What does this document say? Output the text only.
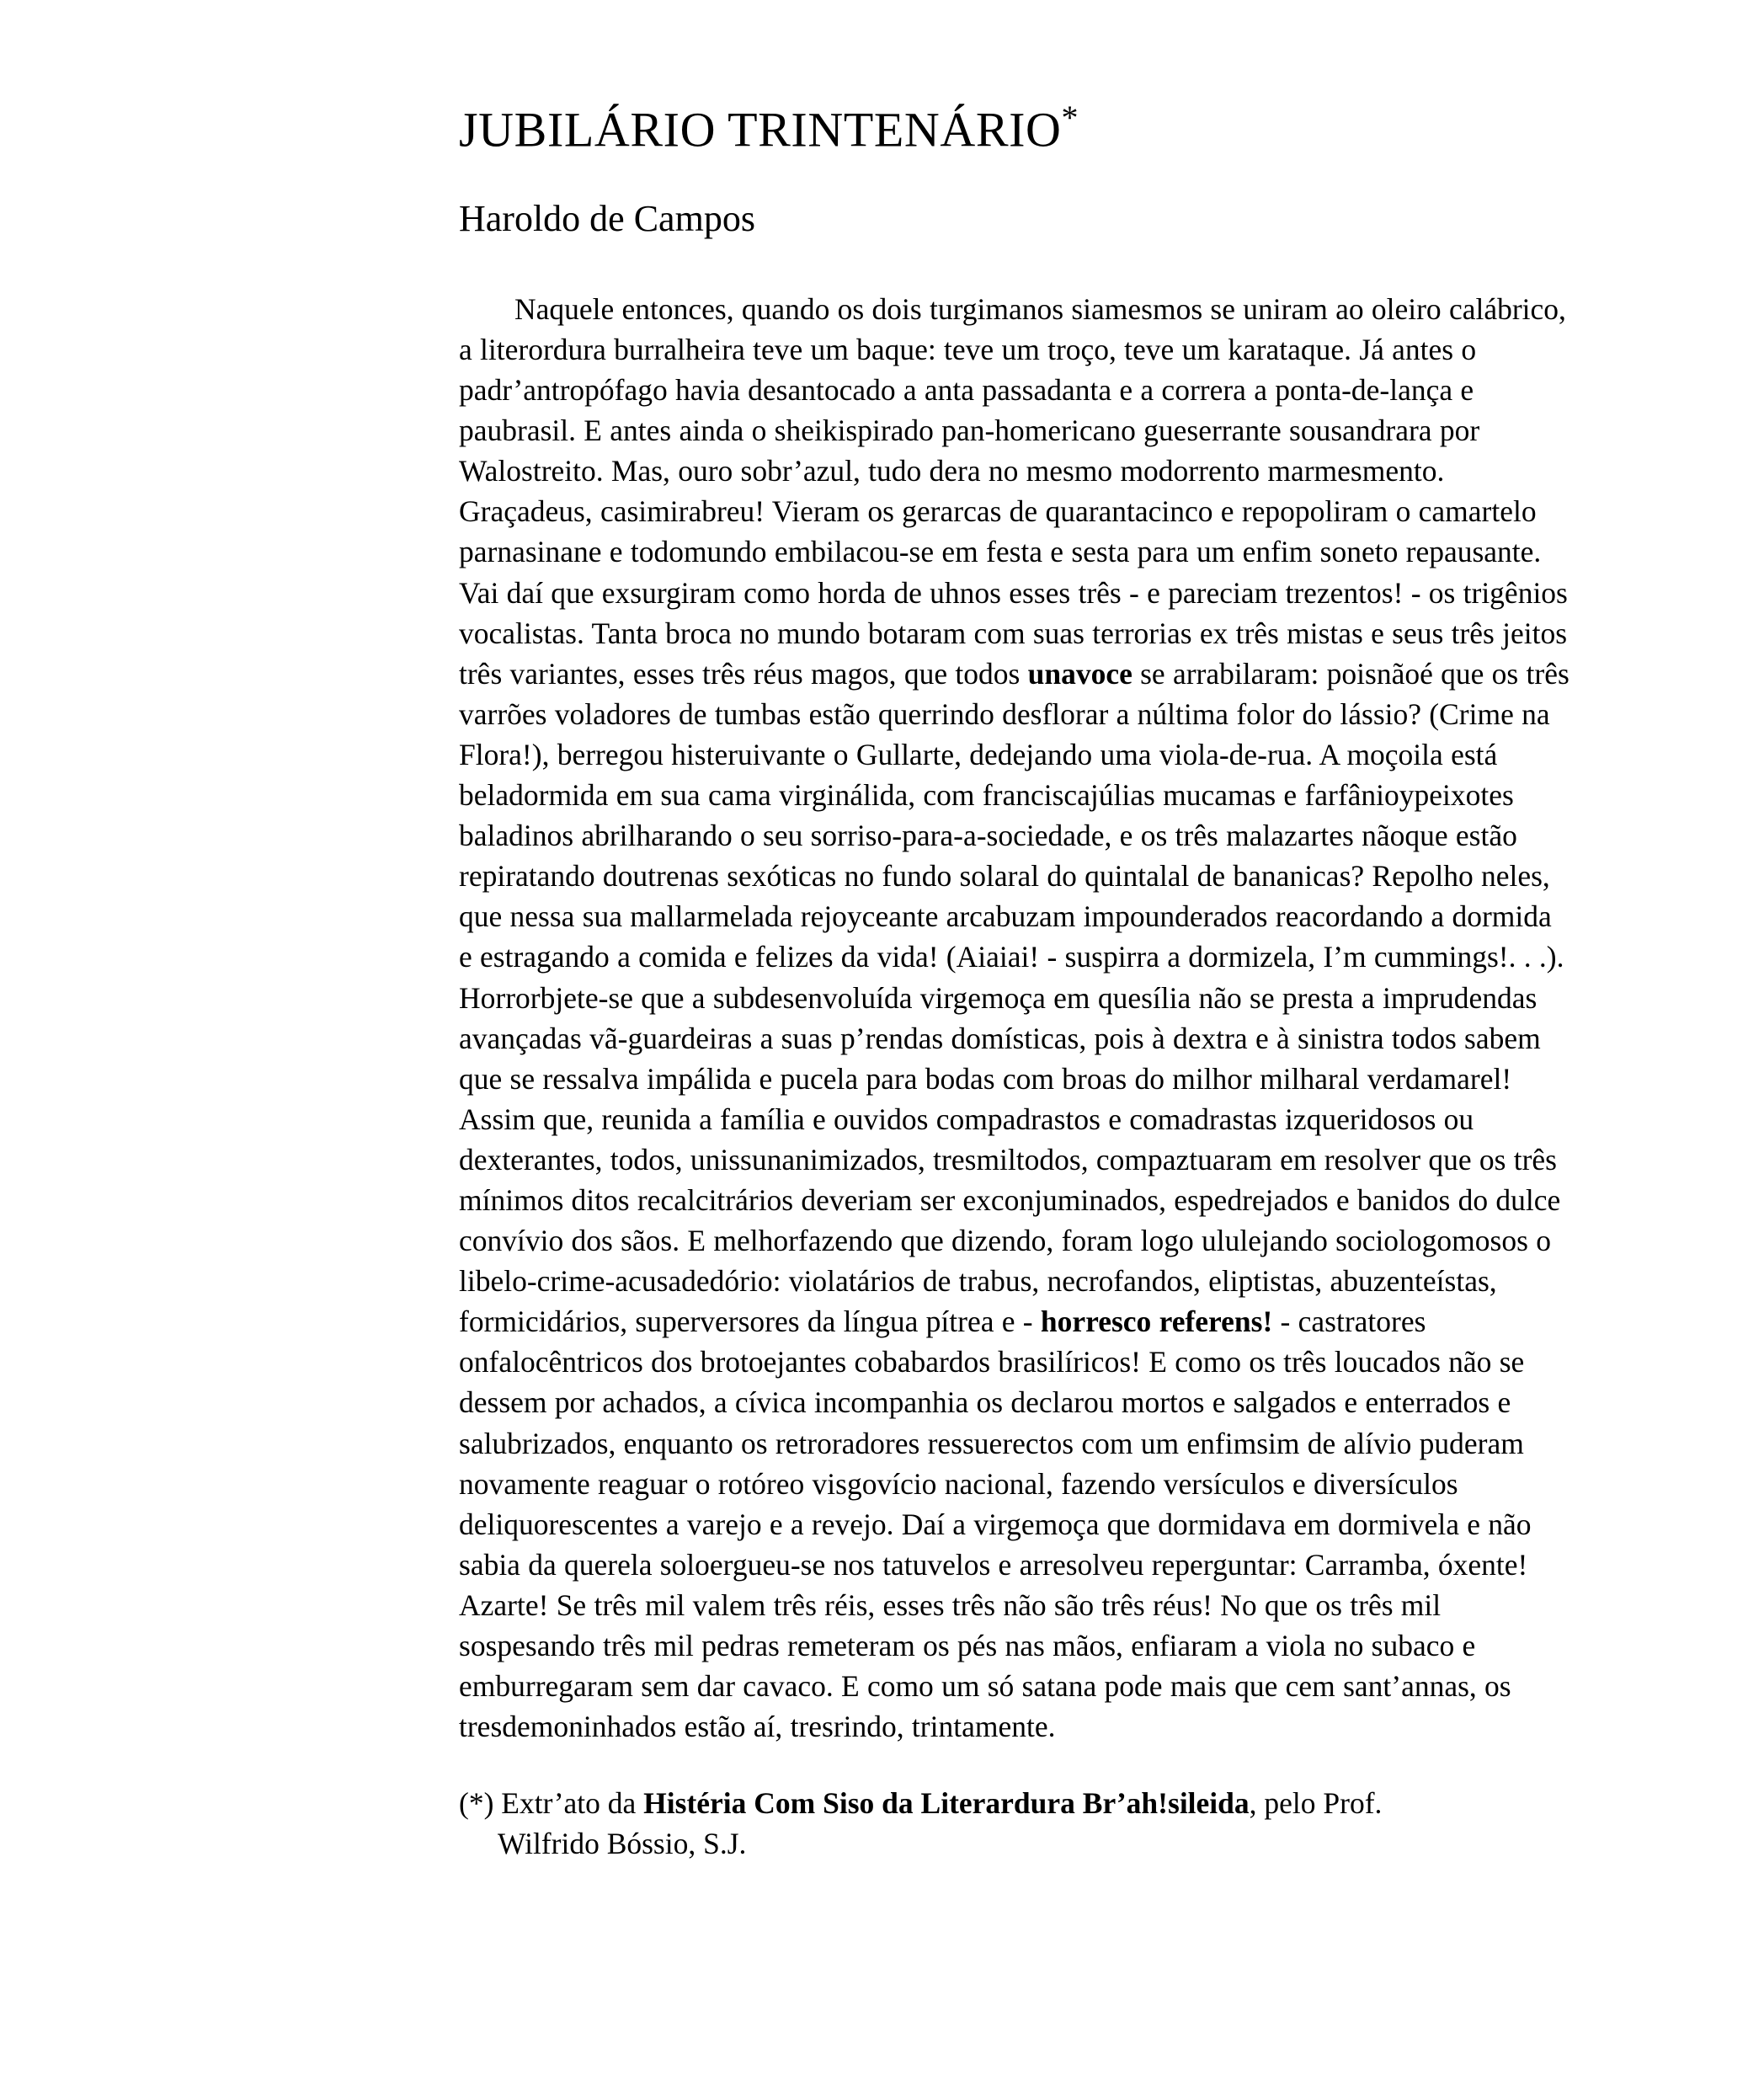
JUBILÁRIO TRINTENÁRIO*
Haroldo de Campos

Naquele entonces, quando os dois turgimanos siamesmos se uniram ao oleiro calábrico, a literordura burralheira teve um baque: teve um troço, teve um karataque. Já antes o padr’antropófago havia desantocado a anta passadanta e a correra a ponta-de-lança e paubrasil. E antes ainda o sheikispirado pan-homericano gueserrante sousandrara por Walostreito. Mas, ouro sobr’azul, tudo dera no mesmo modorrento marmesmento. Graçadeus, casimirabreu! Vieram os gerarcas de quarantacinco e repopoliram o camartelo parnasinane e todomundo embilacou-se em festa e sesta para um enfim soneto repausante. Vai daí que exsurgiram como horda de uhnos esses três - e pareciam trezentos! - os trigênios vocalistas. Tanta broca no mundo botaram com suas terrorias ex três mistas e seus três jeitos três variantes, esses três réus magos, que todos unavoce se arrabilaram: poisnãoé que os três varrões voladores de tumbas estão querrindo desflorar a núltima folor do lássio? (Crime na Flora!), berregou histeruivante o Gullarte, dedejando uma viola-de-rua. A moçoila está beladormida em sua cama virginálida, com franciscajúlias mucamas e farfânioypeixotes baladinos abrilharando o seu sorriso-para-a-sociedade, e os três malazartes nãoque estão repiratando doutrenas sexóticas no fundo solaral do quintalal de bananicas? Repolho neles, que nessa sua mallarmelada rejoyceante arcabuzam impounderados reacordando a dormida e estragando a comida e felizes da vida! (Aiaiai! - suspirra a dormizela, I’m cummings!. . .). Horrorbjete-se que a subdesenvoluída virgemoça em quesília não se presta a imprudendas avançadas vã-guardeiras a suas p’rendas domísticas, pois à dextra e à sinistra todos sabem que se ressalva impálida e pucela para bodas com broas do milhor milharal verdamarel! Assim que, reunida a família e ouvidos compadrastos e comadrastas izqueridosos ou dexterantes, todos, unissunanimizados, tresmiltodos, compaztuaram em resolver que os três mínimos ditos recalcitrários deveriam ser exconjuminados, espedrejados e banidos do dulce convívio dos sãos. E melhorfazendo que dizendo, foram logo ululejando sociologomosos o libelo-crime-acusadedório: violatários de trabus, necrofandos, eliptistas, abuzenteístas, formicidários, superversores da língua pítrea e - horresco referens! - castratores onfalocêntricos dos brotoejantes cobabardos brasilíricos! E como os três loucados não se dessem por achados, a cívica incompanhia os declarou mortos e salgados e enterrados e salubrizados, enquanto os retroradores ressuerectos com um enfimsim de alívio puderam novamente reaguar o rotóreo visgovício nacional, fazendo versículos e diversículos deliquorescentes a varejo e a revejo. Daí a virgemoça que dormidava em dormivela e não sabia da querela soloergueu-se nos tatuvelos e arresolveu reperguntar: Carramba, óxente! Azarte! Se três mil valem três réis, esses três não são três réus! No que os três mil sospesando três mil pedras remeteram os pés nas mãos, enfiaram a viola no subaco e emburregaram sem dar cavaco. E como um só satana pode mais que cem sant’annas, os tresdemoninhados estão aí, tresrindo, trintamente.

(*) Extr’ato da Histéria Com Siso da Literardura Br’ah!sileida, pelo Prof.
Wilfrido Bóssio, S.J.
